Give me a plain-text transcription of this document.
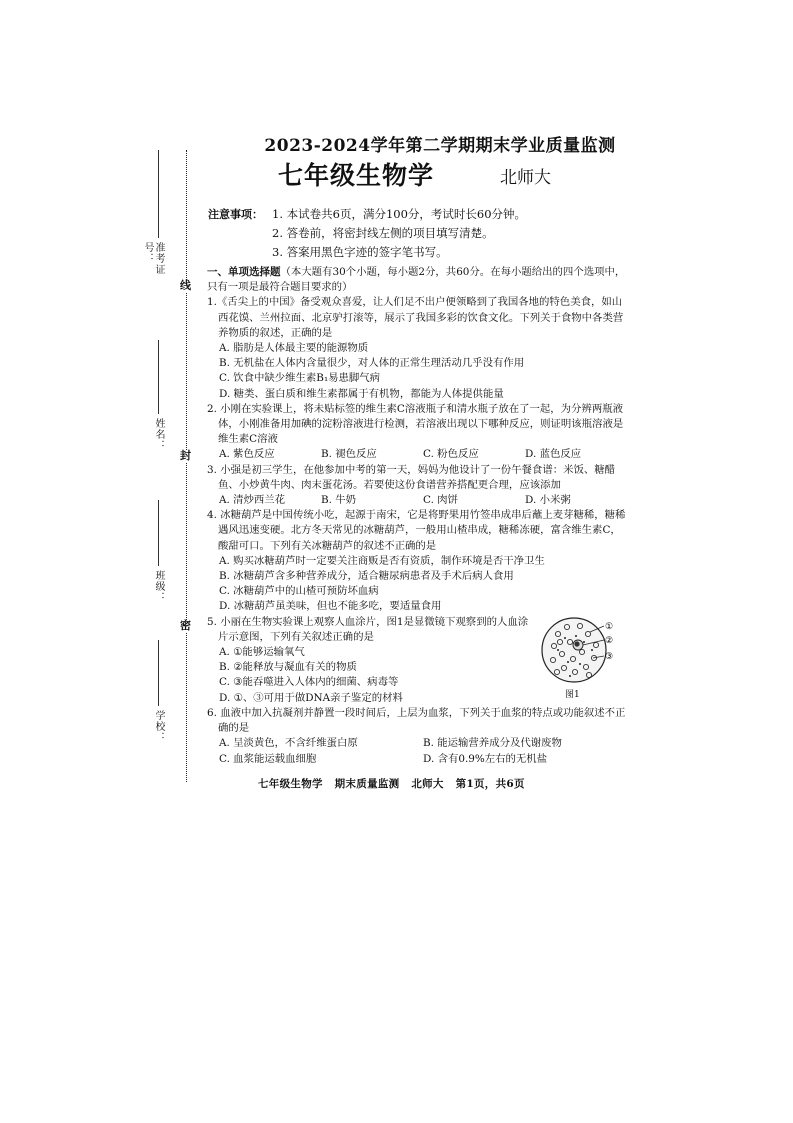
线
封
密
准考证号：
姓名：
班级：
学校：
2023-2024学年第二学期期末学业质量监测
七年级生物学	北师大
注意事项： 1. 本试卷共6页，满分100分，考试时长60分钟。
2. 答卷前，将密封线左侧的项目填写清楚。
3. 答案用黑色字迹的签字笔书写。
一、单项选择题（本大题有30个小题，每小题2分，共60分。在每小题给出的四个选项中，只有一项是最符合题目要求的）
1.《舌尖上的中国》备受观众喜爱，让人们足不出户便领略到了我国各地的特色美食，如山西花馍、兰州拉面、北京驴打滚等，展示了我国多彩的饮食文化。下列关于食物中各类营养物质的叙述，正确的是
A. 脂肪是人体最主要的能源物质
B. 无机盐在人体内含量很少，对人体的正常生理活动几乎没有作用
C. 饮食中缺少维生素B₁易患脚气病
D. 糖类、蛋白质和维生素都属于有机物，都能为人体提供能量
2. 小刚在实验课上，将未贴标签的维生素C溶液瓶子和清水瓶子放在了一起，为分辨两瓶液体，小刚准备用加碘的淀粉溶液进行检测，若溶液出现以下哪种反应，则证明该瓶溶液是维生素C溶液
A. 紫色反应	B. 褪色反应	C. 粉色反应	D. 蓝色反应
3. 小强是初三学生，在他参加中考的第一天，妈妈为他设计了一份午餐食谱：米饭、糖醋鱼、小炒黄牛肉、肉末蛋花汤。若要使这份食谱营养搭配更合理，应该添加
A. 清炒西兰花	B. 牛奶	C. 肉饼	D. 小米粥
4. 冰糖葫芦是中国传统小吃，起源于南宋，它是将野果用竹签串成串后蘸上麦芽糖稀，糖稀遇风迅速变硬。北方冬天常见的冰糖葫芦，一般用山楂串成，糖稀冻硬，富含维生素C，酸甜可口。下列有关冰糖葫芦的叙述不正确的是
A. 购买冰糖葫芦时一定要关注商贩是否有资质，制作环境是否干净卫生
B. 冰糖葫芦含多种营养成分，适合糖尿病患者及手术后病人食用
C. 冰糖葫芦中的山楂可预防坏血病
D. 冰糖葫芦虽美味，但也不能多吃，要适量食用
5. 小丽在生物实验课上观察人血涂片，图1是显微镜下观察到的人血涂片示意图，下列有关叙述正确的是
A. ①能够运输氧气
B. ②能释放与凝血有关的物质
C. ③能吞噬进入人体内的细菌、病毒等
D. ①、③可用于做DNA亲子鉴定的材料
6. 血液中加入抗凝剂并静置一段时间后，上层为血浆，下列关于血浆的特点或功能叙述不正确的是
A. 呈淡黄色，不含纤维蛋白原	B. 能运输营养成分及代谢废物
C. 血浆能运载血细胞	D. 含有0.9%左右的无机盐
①
②
③
图1
七年级生物学   期末质量监测   北师大   第1页，共6页
